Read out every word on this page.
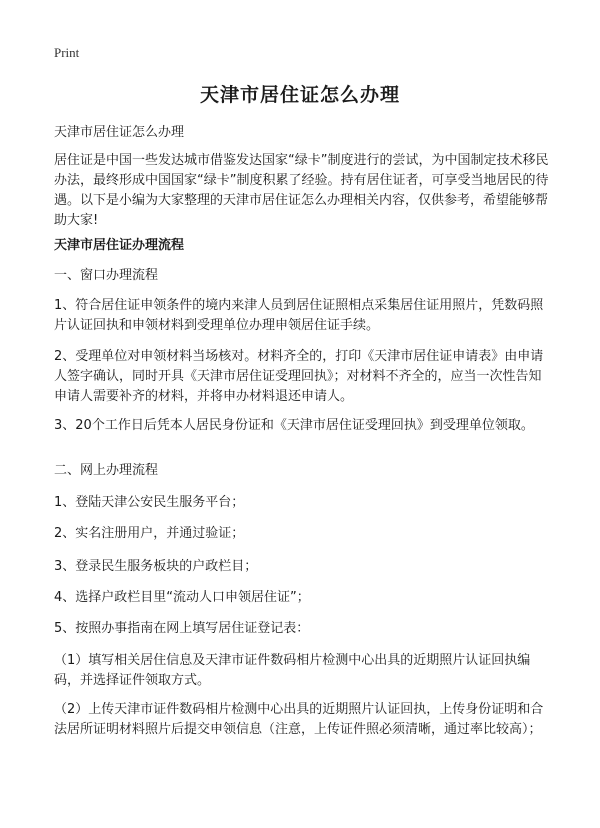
Print
天津市居住证怎么办理

天津市居住证怎么办理

居住证是中国一些发达城市借鉴发达国家“绿卡”制度进行的尝试，为中国制定技术移民办法，最终形成中国国家“绿卡”制度积累了经验。持有居住证者，可享受当地居民的待遇。以下是小编为大家整理的天津市居住证怎么办理相关内容，仅供参考，希望能够帮助大家!

天津市居住证办理流程

一、窗口办理流程

1、符合居住证申领条件的境内来津人员到居住证照相点采集居住证用照片，凭数码照片认证回执和申领材料到受理单位办理申领居住证手续。

2、受理单位对申领材料当场核对。材料齐全的，打印《天津市居住证申请表》由申请人签字确认，同时开具《天津市居住证受理回执》；对材料不齐全的，应当一次性告知申请人需要补齐的材料，并将申办材料退还申请人。

3、20个工作日后凭本人居民身份证和《天津市居住证受理回执》到受理单位领取。

二、网上办理流程

1、登陆天津公安民生服务平台；

2、实名注册用户，并通过验证；

3、登录民生服务板块的户政栏目；

4、选择户政栏目里“流动人口申领居住证”；

5、按照办事指南在网上填写居住证登记表：

（1）填写相关居住信息及天津市证件数码相片检测中心出具的近期照片认证回执编码，并选择证件领取方式。

（2）上传天津市证件数码相片检测中心出具的近期照片认证回执，上传身份证明和合法居所证明材料照片后提交申领信息（注意，上传证件照必须清晰，通过率比较高）；
